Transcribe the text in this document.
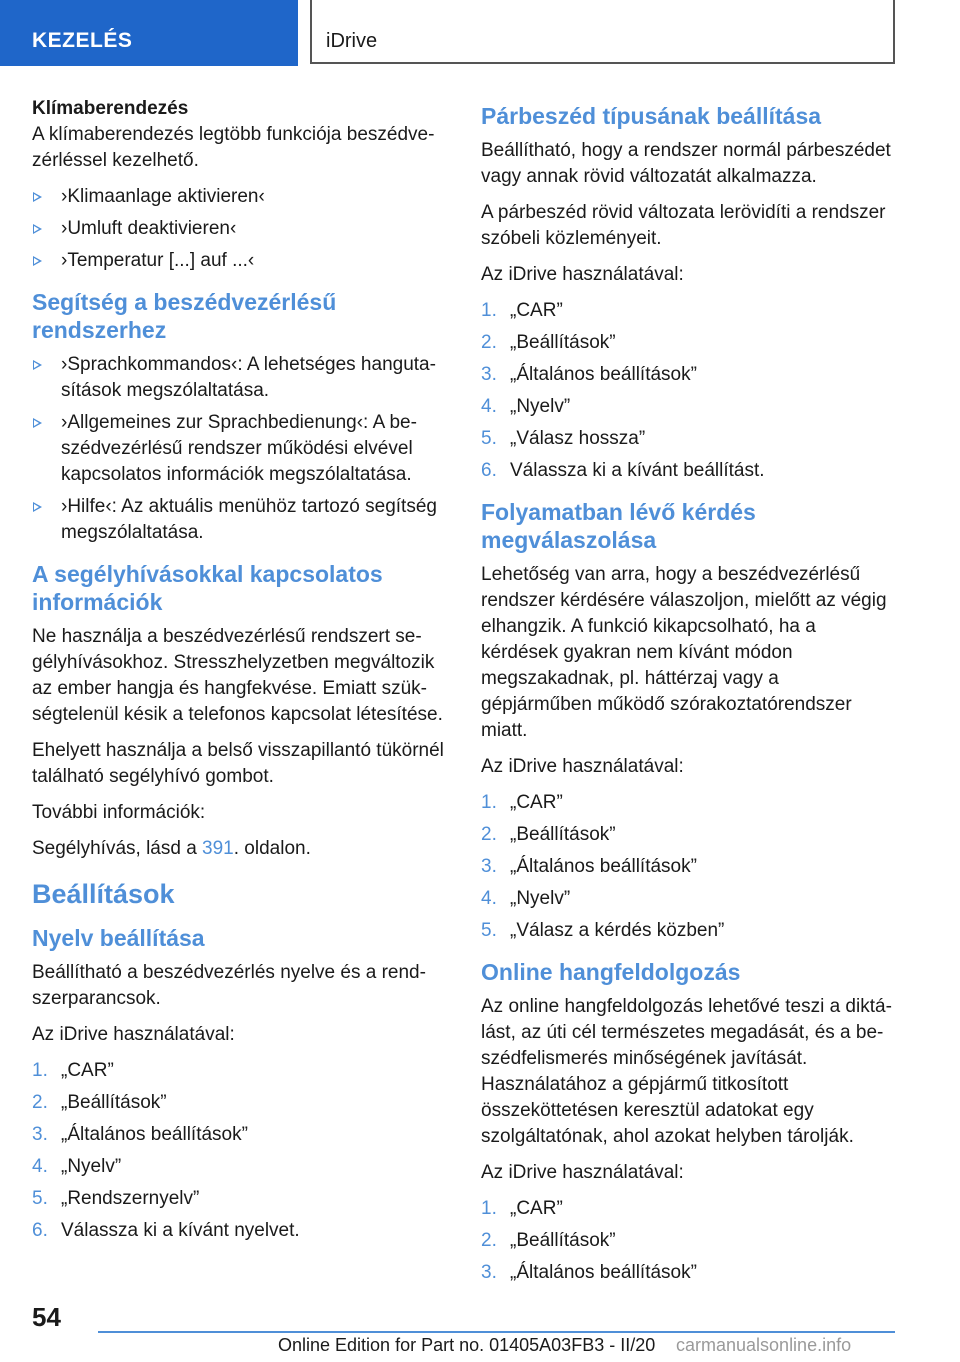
KEZELÉS	iDrive
Klímaberendezés

A klímaberendezés legtöbb funkciója beszédvezérléssel kezelhető.

›Klimaanlage aktivieren‹
›Umluft deaktivieren‹
›Temperatur [...] auf ...‹
Segítség a beszédvezérlésű rendszerhez
›Sprachkommandos‹: A lehetséges hangutasítások megszólaltatása.
›Allgemeines zur Sprachbedienung‹: A beszédvezérlésű rendszer működési elvével kapcsolatos információk megszólaltatása.
›Hilfe‹: Az aktuális menühöz tartozó segítség megszólaltatása.
A segélyhívásokkal kapcsolatos információk

Ne használja a beszédvezérlésű rendszert segélyhívásokhoz. Stresszhelyzetben megváltozik az ember hangja és hangfekvése. Emiatt szükségtelenül késik a telefonos kapcsolat létesítése.

Ehelyett használja a belső visszapillantó tükörnél található segélyhívó gombot.

További információk:

Segélyhívás, lásd a 391. oldalon.

Beállítások
Nyelv beállítása

Beállítható a beszédvezérlés nyelve és a rendszerparancsok.

Az iDrive használatával:

1. „CAR”
2. „Beállítások”
3. „Általános beállítások”
4. „Nyelv”
5. „Rendszernyelv”
6. Válassza ki a kívánt nyelvet.
Párbeszéd típusának beállítása

Beállítható, hogy a rendszer normál párbeszédet vagy annak rövid változatát alkalmazza.

A párbeszéd rövid változata lerövidíti a rendszer szóbeli közleményeit.

Az iDrive használatával:

1. „CAR”
2. „Beállítások”
3. „Általános beállítások”
4. „Nyelv”
5. „Válasz hossza”
6. Válassza ki a kívánt beállítást.
Folyamatban lévő kérdés megválaszolása

Lehetőség van arra, hogy a beszédvezérlésű rendszer kérdésére válaszoljon, mielőtt az végig elhangzik. A funkció kikapcsolható, ha a kérdések gyakran nem kívánt módon megszakadnak, pl. háttérzaj vagy a gépjárműben működő szórakoztatórendszer miatt.

Az iDrive használatával:

1. „CAR”
2. „Beállítások”
3. „Általános beállítások”
4. „Nyelv”
5. „Válasz a kérdés közben”
Online hangfeldolgozás

Az online hangfeldolgozás lehetővé teszi a diktálást, az úti cél természetes megadását, és a beszédfelismerés minőségének javítását. Használatához a gépjármű titkosított összeköttetésen keresztül adatokat egy szolgáltatónak, ahol azokat helyben tárolják.

Az iDrive használatával:

1. „CAR”
2. „Beállítások”
3. „Általános beállítások”
54
Online Edition for Part no. 01405A03FB3 - II/20 carmanualsonline.info
